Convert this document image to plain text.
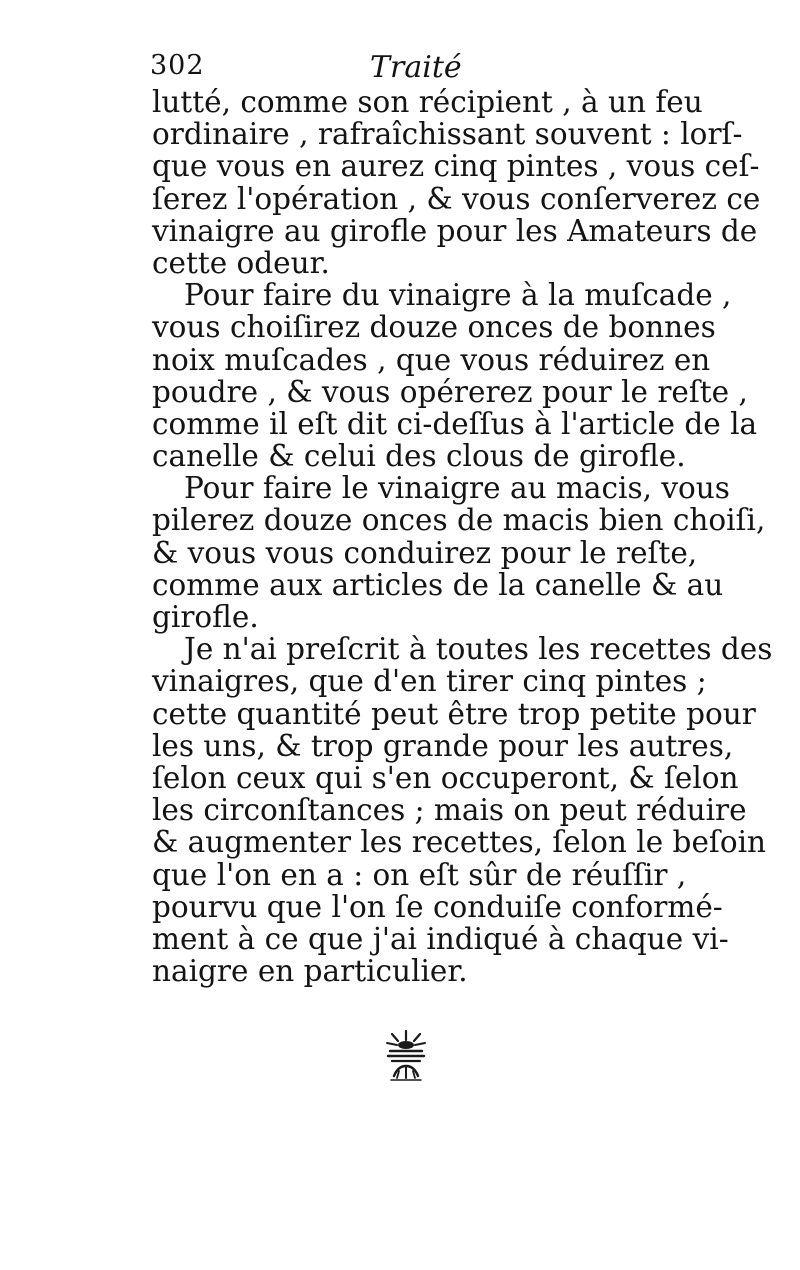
302	Traité
lutté, comme son récipient , à un feu
ordinaire , rafraîchissant souvent : lorſ-
que vous en aurez cinq pintes , vous ceſ-
ſerez l'opération , & vous conſerverez ce
vinaigre au girofle pour les Amateurs de
cette odeur.
Pour faire du vinaigre à la muſcade ,
vous choiſirez douze onces de bonnes
noix muſcades , que vous réduirez en
poudre , & vous opérerez pour le reſte ,
comme il eſt dit ci-deſſus à l'article de la
canelle & celui des clous de girofle.
Pour faire le vinaigre au macis, vous
pilerez douze onces de macis bien choiſi,
& vous vous conduirez pour le reſte,
comme aux articles de la canelle & au
girofle.
Je n'ai preſcrit à toutes les recettes des
vinaigres, que d'en tirer cinq pintes ;
cette quantité peut être trop petite pour
les uns, & trop grande pour les autres,
ſelon ceux qui s'en occuperont, & ſelon
les circonſtances ; mais on peut réduire
& augmenter les recettes, ſelon le beſoin
que l'on en a : on eſt sûr de réuſſir ,
pourvu que l'on ſe conduiſe conformé-
ment à ce que j'ai indiqué à chaque vi-
naigre en particulier.
